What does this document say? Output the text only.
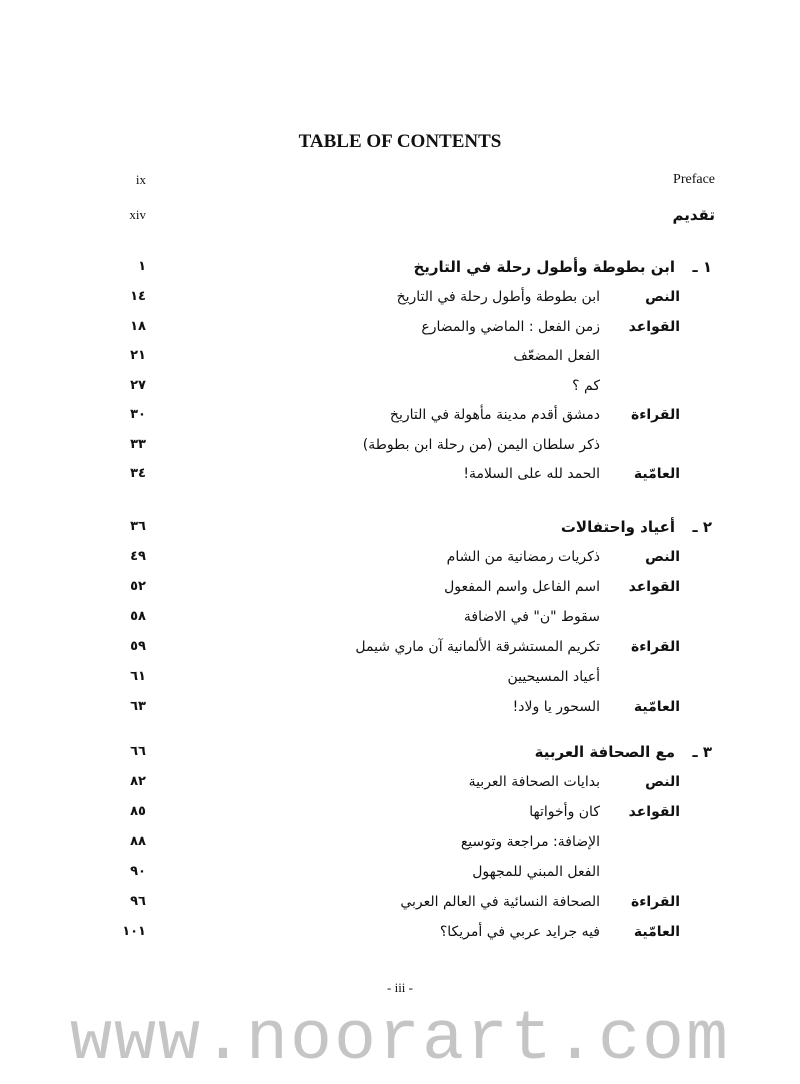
TABLE OF CONTENTS
Preface
ix
تقديم
xiv
١ ـ
ابن بطوطة وأطول رحلة في التاريخ
١
النص
ابن بطوطة وأطول رحلة في التاريخ
١٤
القواعد
زمن الفعل : الماضي والمضارع
١٨
الفعل المضعّف
٢١
كم ؟
٢٧
القراءة
دمشق أقدم مدينة مأهولة في التاريخ
٣٠
ذكر سلطان اليمن (من رحلة ابن بطوطة)
٣٣
العامّية
الحمد لله على السلامة!
٣٤
٢ ـ
أعياد واحتفالات
٣٦
النص
ذكريات رمضانية من الشام
٤٩
القواعد
اسم الفاعل واسم المفعول
٥٢
سقوط "ن" في الاضافة
٥٨
القراءة
تكريم المستشرقة الألمانية آن ماري شيمل
٥٩
أعياد المسيحيين
٦١
العامّية
السحور يا ولاد!
٦٣
٣ ـ
مع الصحافة العربية
٦٦
النص
بدايات الصحافة العربية
٨٢
القواعد
كان وأخواتها
٨٥
الإضافة: مراجعة وتوسيع
٨٨
الفعل المبني للمجهول
٩٠
القراءة
الصحافة النسائية في العالم العربي
٩٦
العامّية
فيه جرايد عربي في أمريكا؟
١٠١
- iii -
www.noorart.com
